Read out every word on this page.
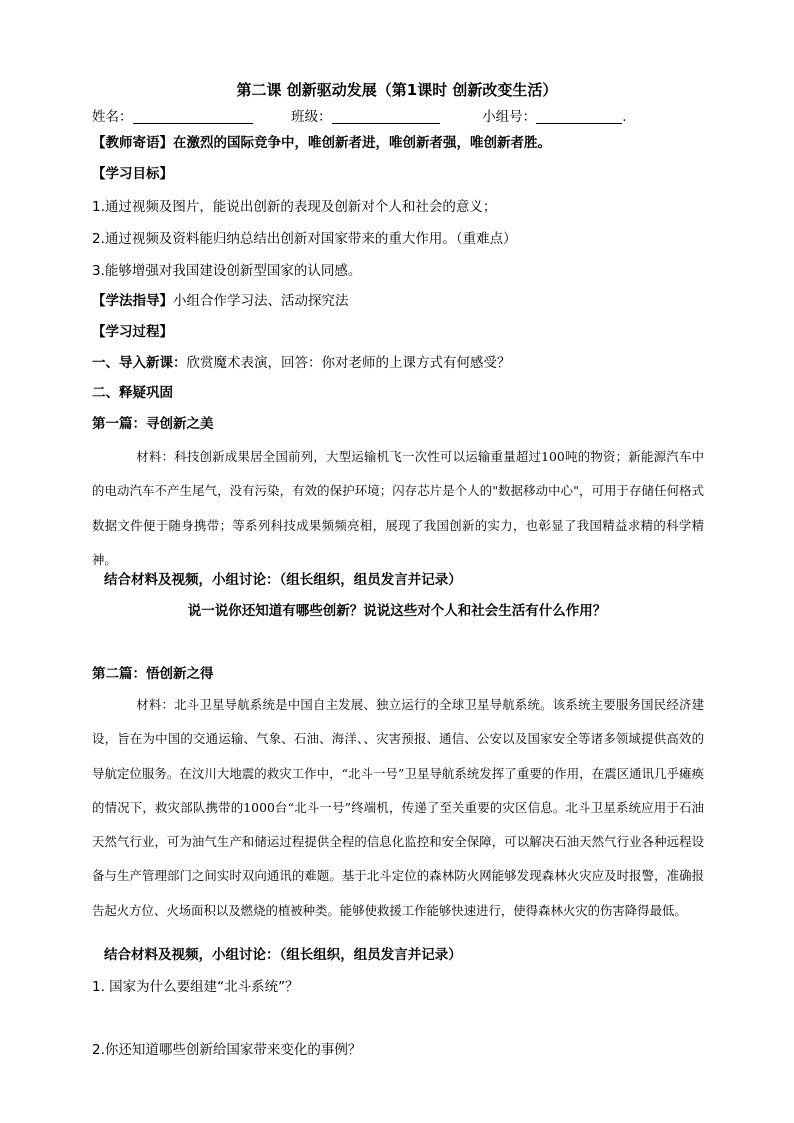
第二课 创新驱动发展（第1课时 创新改变生活）
姓名：	班级：	小组号：	.
【教师寄语】在激烈的国际竞争中，唯创新者进，唯创新者强，唯创新者胜。
【学习目标】
1.通过视频及图片，能说出创新的表现及创新对个人和社会的意义；
2.通过视频及资料能归纳总结出创新对国家带来的重大作用。（重难点）
3.能够增强对我国建设创新型国家的认同感。
【学法指导】小组合作学习法、活动探究法
【学习过程】
一、导入新课：欣赏魔术表演，回答：你对老师的上课方式有何感受？
二、释疑巩固
第一篇：寻创新之美
材料：科技创新成果居全国前列，大型运输机飞一次性可以运输重量超过100吨的物资；新能源汽车中的电动汽车不产生尾气，没有污染，有效的保护环境；闪存芯片是个人的"数据移动中心"，可用于存储任何格式数据文件便于随身携带；等系列科技成果频频亮相，展现了我国创新的实力，也彰显了我国精益求精的科学精神。
结合材料及视频，小组讨论：（组长组织，组员发言并记录）
说一说你还知道有哪些创新？说说这些对个人和社会生活有什么作用？
第二篇：悟创新之得
材料：北斗卫星导航系统是中国自主发展、独立运行的全球卫星导航系统。该系统主要服务国民经济建设，旨在为中国的交通运输、气象、石油、海洋、、灾害预报、通信、公安以及国家安全等诸多领域提供高效的导航定位服务。在汶川大地震的救灾工作中，“北斗一号”卫星导航系统发挥了重要的作用，在震区通讯几乎瘫痪的情况下，救灾部队携带的1000台“北斗一号”终端机，传递了至关重要的灾区信息。北斗卫星系统应用于石油天然气行业，可为油气生产和储运过程提供全程的信息化监控和安全保障，可以解决石油天然气行业各种远程设备与生产管理部门之间实时双向通讯的难题。基于北斗定位的森林防火网能够发现森林火灾应及时报警，准确报告起火方位、火场面积以及燃烧的植被种类。能够使救援工作能够快速进行，使得森林火灾的伤害降得最低。
结合材料及视频，小组讨论：（组长组织，组员发言并记录）
1. 国家为什么要组建“北斗系统”？
2.你还知道哪些创新给国家带来变化的事例？
